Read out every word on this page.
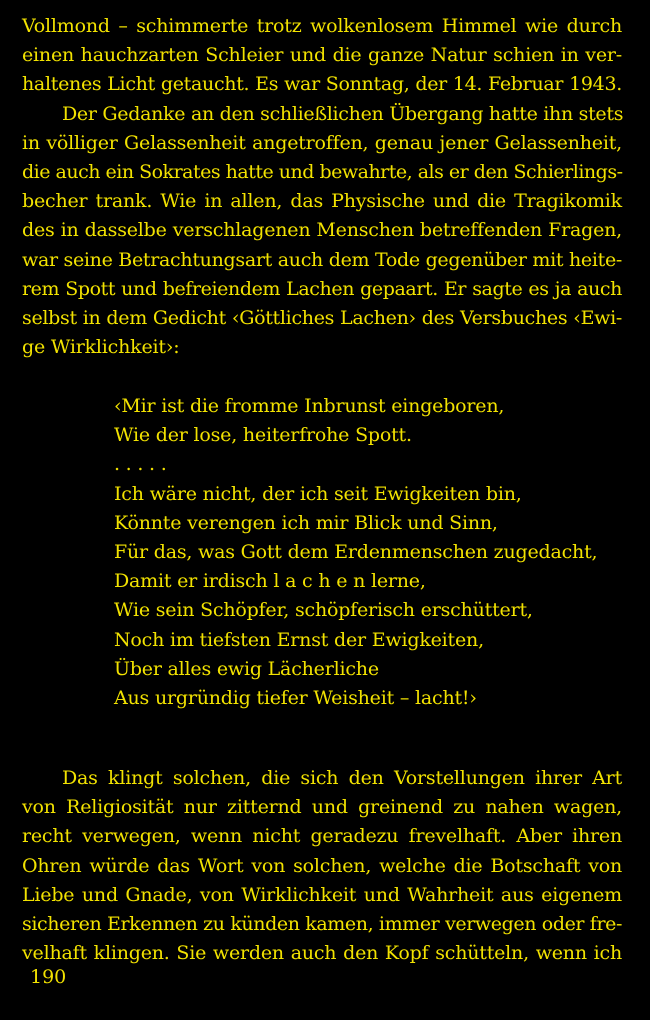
Vollmond – schimmerte trotz wolkenlosem Himmel wie durch
einen hauchzarten Schleier und die ganze Natur schien in ver-
haltenes Licht getaucht. Es war Sonntag, der 14. Februar 1943.
Der Gedanke an den schließlichen Übergang hatte ihn stets
in völliger Gelassenheit angetroffen, genau jener Gelassenheit,
die auch ein Sokrates hatte und bewahrte, als er den Schierlings-
becher trank. Wie in allen, das Physische und die Tragikomik
des in dasselbe verschlagenen Menschen betreffenden Fragen,
war seine Betrachtungsart auch dem Tode gegenüber mit heite-
rem Spott und befreiendem Lachen gepaart. Er sagte es ja auch
selbst in dem Gedicht ‹Göttliches Lachen› des Versbuches ‹Ewi-
ge Wirklichkeit›:
‹Mir ist die fromme Inbrunst eingeboren,
Wie der lose, heiterfrohe Spott.
. . . . .
Ich wäre nicht, der ich seit Ewigkeiten bin,
Könnte verengen ich mir Blick und Sinn,
Für das, was Gott dem Erdenmenschen zugedacht,
Damit er irdisch l a c h e n lerne,
Wie sein Schöpfer, schöpferisch erschüttert,
Noch im tiefsten Ernst der Ewigkeiten,
Über alles ewig Lächerliche
Aus urgründig tiefer Weisheit – lacht!›
Das klingt solchen, die sich den Vorstellungen ihrer Art
von Religiosität nur zitternd und greinend zu nahen wagen,
recht verwegen, wenn nicht geradezu frevelhaft. Aber ihren
Ohren würde das Wort von solchen, welche die Botschaft von
Liebe und Gnade, von Wirklichkeit und Wahrheit aus eigenem
sicheren Erkennen zu künden kamen, immer verwegen oder fre-
velhaft klingen. Sie werden auch den Kopf schütteln, wenn ich
190
